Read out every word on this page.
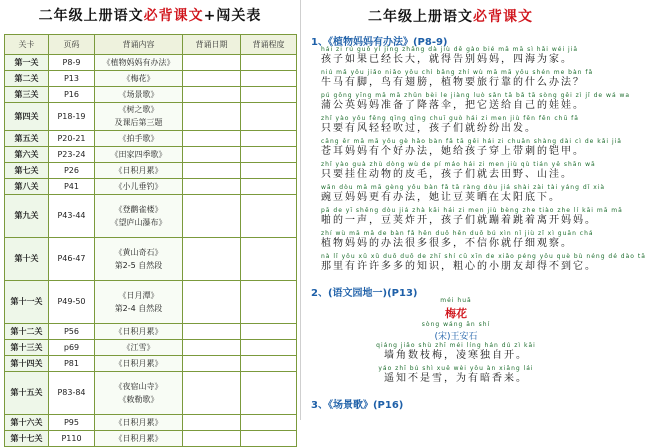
二年级上册语文必背课文+闯关表
关卡	页码	背诵内容	背诵日期	背诵程度
第一关	P8-9	《植物妈妈有办法》		

第二关	P13	《梅花》		

第三关	P16	《场景歌》		

第四关	P18-19	《树之歌》
及课后第三题		

第五关	P20-21	《拍手歌》		

第六关	P23-24	《田家四季歌》		

第七关	P26	《日积月累》		

第八关	P41	《小儿垂钓》		

第九关	P43-44	《登鹳雀楼》
《望庐山瀑布》		

第十关	P46-47	《黄山奇石》
第2-5 自然段		

第十一关	P49-50	《日月潭》
第2-4 自然段		

第十二关	P56	《日积月累》		

第十三关	p69	《江雪》		

第十四关	P81	《日积月累》		

第十五关	P83-84	《夜宿山寺》
《敕勒歌》		

第十六关	P95	《日积月累》		

第十七关	P110	《日积月累》		

二年级上册语文必背课文
1、《植物妈妈有办法》(P8-9)
hái zi rú guǒ yǐ jīng zhǎng dà jiù dě gào bié mā mā sì hǎi wéi jiā
孩子如果已经长大，就得告别妈妈，四海为家。
niú mǎ yǒu jiǎo niǎo yǒu chì bǎng zhí wù mā mā yǒu shén me bàn fǎ
牛马有脚，鸟有翅膀，植物要旅行靠的什么办法？
pú gōng yīng mā mā zhǔn bèi le jiàng luò sǎn tā bǎ tā sòng gěi zì jǐ de wá wa
蒲公英妈妈准备了降落伞，把它送给自己的娃娃。
zhǐ yào yǒu fēng qīng qīng chuī guò hái zi men jiù fēn fēn chū fā
只要有风轻轻吹过，孩子们就纷纷出发。
cāng ěr mā mā yǒu gè hǎo bàn fǎ tā gěi hái zi chuān shàng dài cì de kǎi jiǎ
苍耳妈妈有个好办法，她给孩子穿上带刺的铠甲。
zhǐ yào guà zhù dòng wù de pí máo hái zi men jiù qù tián yě shān wā
只要挂住动物的皮毛，孩子们就去田野、山洼。
wān dòu mā mā gèng yǒu bàn fǎ tā ràng dòu jiá shài zài tài yáng dǐ xià
豌豆妈妈更有办法，她让豆荚晒在太阳底下。
pā de yī shēng dòu jiá zhà kāi hái zi men jiù bèng zhe tiào zhe lí kāi mā mā
啪的一声，豆荚炸开，孩子们就蹦着跳着离开妈妈。
zhí wù mā mā de bàn fǎ hěn duō hěn duō bú xìn nǐ jiù zǐ xì guān chá
植物妈妈的办法很多很多，不信你就仔细观察。
nà lǐ yǒu xǔ xǔ duō duō de zhī shí cū xīn de xiǎo péng yǒu què bù néng dé dào tā
那里有许许多多的知识，粗心的小朋友却得不到它。
2、(语文园地一)(P13)
méi huā
梅花
sòng wáng ān shí
(宋)王安石
qiáng jiǎo shù zhī méi líng hán dú zì kāi
墙角数枝梅，凌寒独自开。
yáo zhī bú shì xuě wèi yǒu àn xiāng lái
遥知不是雪，为有暗香来。
3、《场景歌》(P16)
